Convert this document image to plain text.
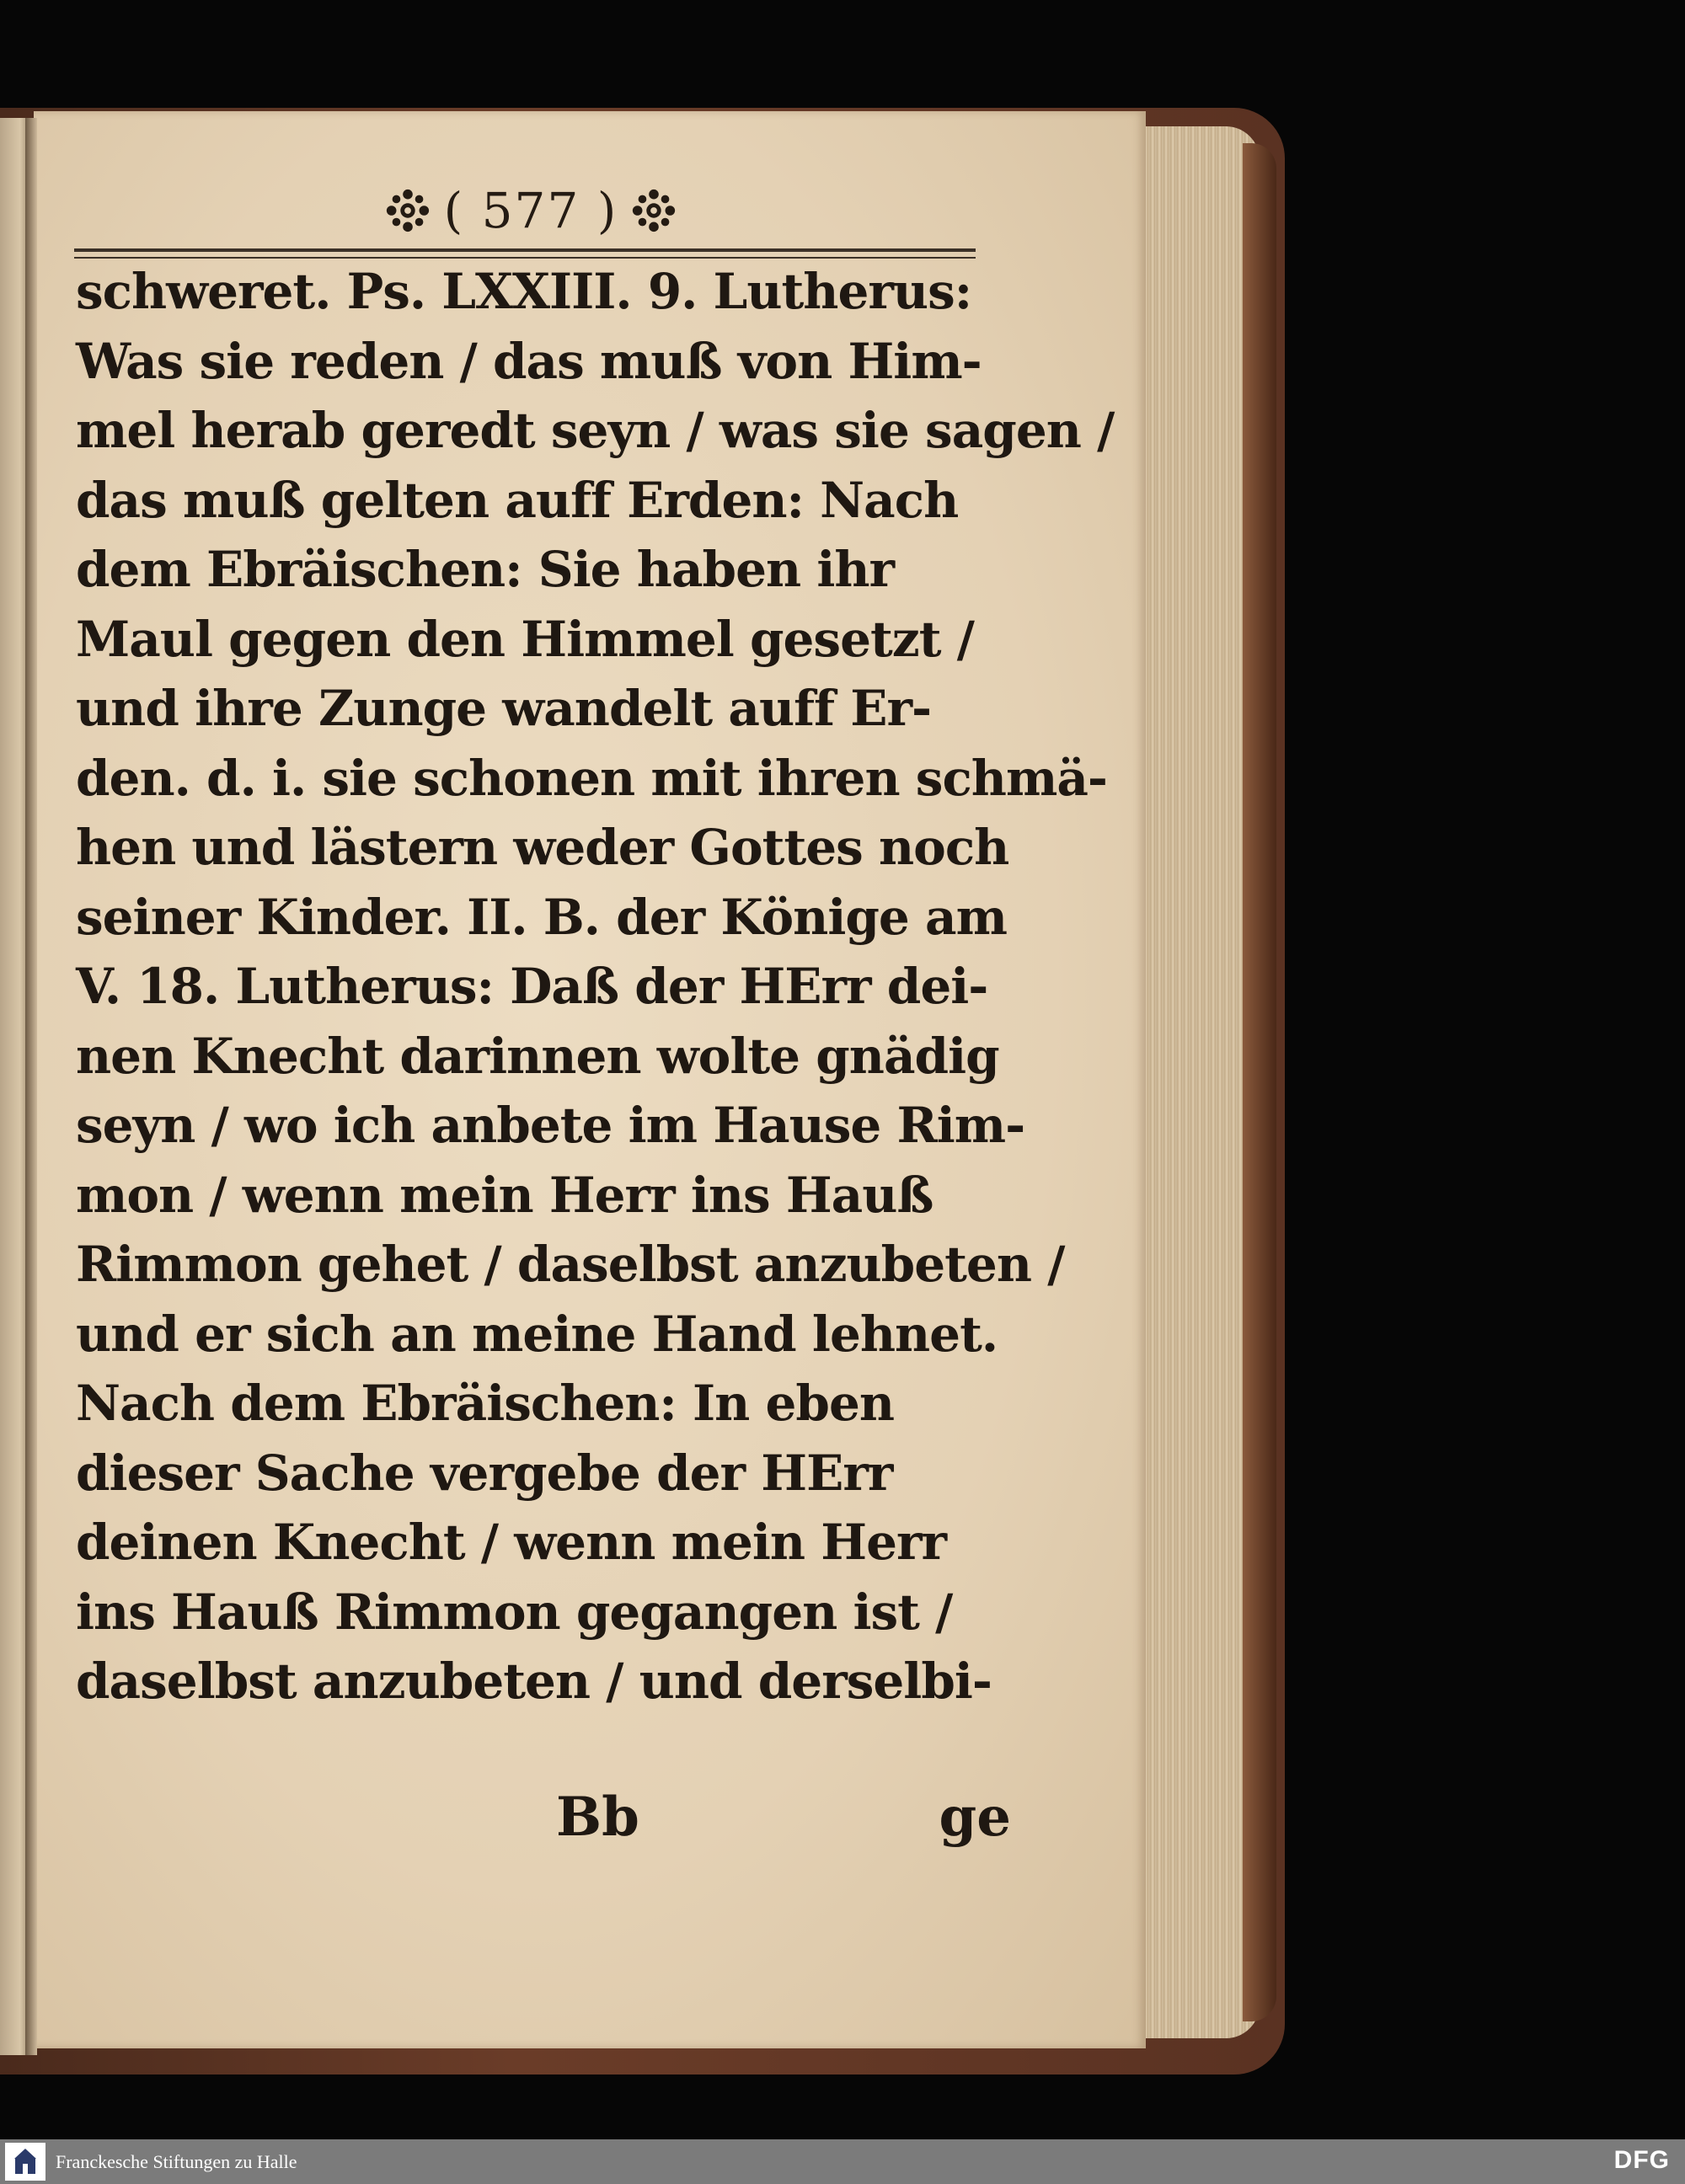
( 577 )
schweret. Ps. LXXIII. 9. Lutherus:
Was sie reden / das muß von Him-
mel herab geredt seyn / was sie sagen /
das muß gelten auff Erden: Nach
dem Ebräischen: Sie haben ihr
Maul gegen den Himmel gesetzt /
und ihre Zunge wandelt auff Er-
den. d. i. sie schonen mit ihren schmä-
hen und lästern weder Gottes noch
seiner Kinder. II. B. der Könige am
V. 18. Lutherus: Daß der HErr dei-
nen Knecht darinnen wolte gnädig
seyn / wo ich anbete im Hause Rim-
mon / wenn mein Herr ins Hauß
Rimmon gehet / daselbst anzubeten /
und er sich an meine Hand lehnet.
Nach dem Ebräischen: In eben
dieser Sache vergebe der HErr
deinen Knecht / wenn mein Herr
ins Hauß Rimmon gegangen ist /
daselbst anzubeten / und derselbi-
Bb	ge
Franckesche Stiftungen zu Halle	DFG
